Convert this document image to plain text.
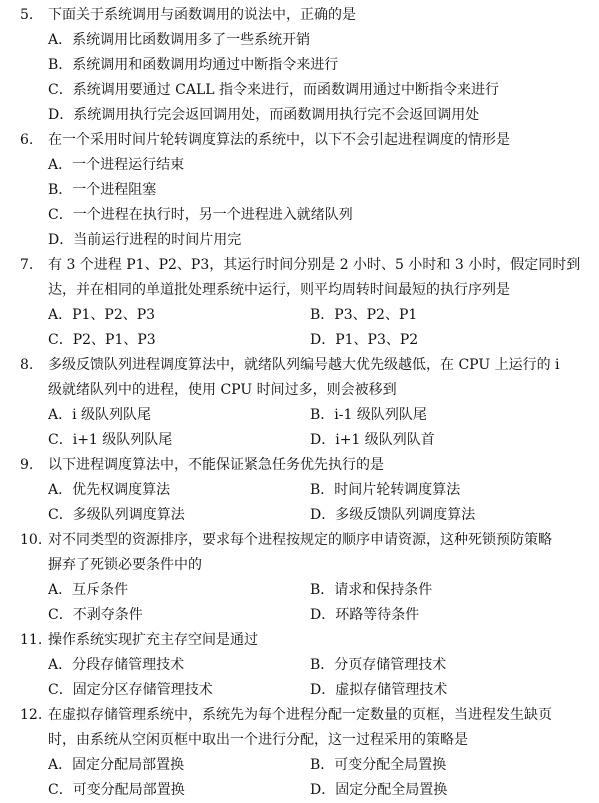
5. 下面关于系统调用与函数调用的说法中，正确的是
A．系统调用比函数调用多了一些系统开销
B．系统调用和函数调用均通过中断指令来进行
C．系统调用要通过 CALL 指令来进行，而函数调用通过中断指令来进行
D．系统调用执行完会返回调用处，而函数调用执行完不会返回调用处
6. 在一个采用时间片轮转调度算法的系统中，以下不会引起进程调度的情形是
A．一个进程运行结束
B．一个进程阻塞
C．一个进程在执行时，另一个进程进入就绪队列
D．当前运行进程的时间片用完
7. 有 3 个进程 P1、P2、P3，其运行时间分别是 2 小时、5 小时和 3 小时，假定同时到
达，并在相同的单道批处理系统中运行，则平均周转时间最短的执行序列是
A．P1、P2、P3	B．P3、P2、P1
C．P2、P1、P3	D．P1、P3、P2
8. 多级反馈队列进程调度算法中，就绪队列编号越大优先级越低，在 CPU 上运行的 i
级就绪队列中的进程，使用 CPU 时间过多，则会被移到
A．i 级队列队尾	B．i-1 级队列队尾
C．i+1 级队列队尾	D．i+1 级队列队首
9. 以下进程调度算法中，不能保证紧急任务优先执行的是
A．优先权调度算法	B．时间片轮转调度算法
C．多级队列调度算法	D．多级反馈队列调度算法
10. 对不同类型的资源排序，要求每个进程按规定的顺序申请资源，这种死锁预防策略
摒弃了死锁必要条件中的
A．互斥条件	B．请求和保持条件
C．不剥夺条件	D．环路等待条件
11. 操作系统实现扩充主存空间是通过
A．分段存储管理技术	B．分页存储管理技术
C．固定分区存储管理技术	D．虚拟存储管理技术
12. 在虚拟存储管理系统中，系统先为每个进程分配一定数量的页框，当进程发生缺页
时，由系统从空闲页框中取出一个进行分配，这一过程采用的策略是
A．固定分配局部置换	B．可变分配全局置换
C．可变分配局部置换	D．固定分配全局置换
